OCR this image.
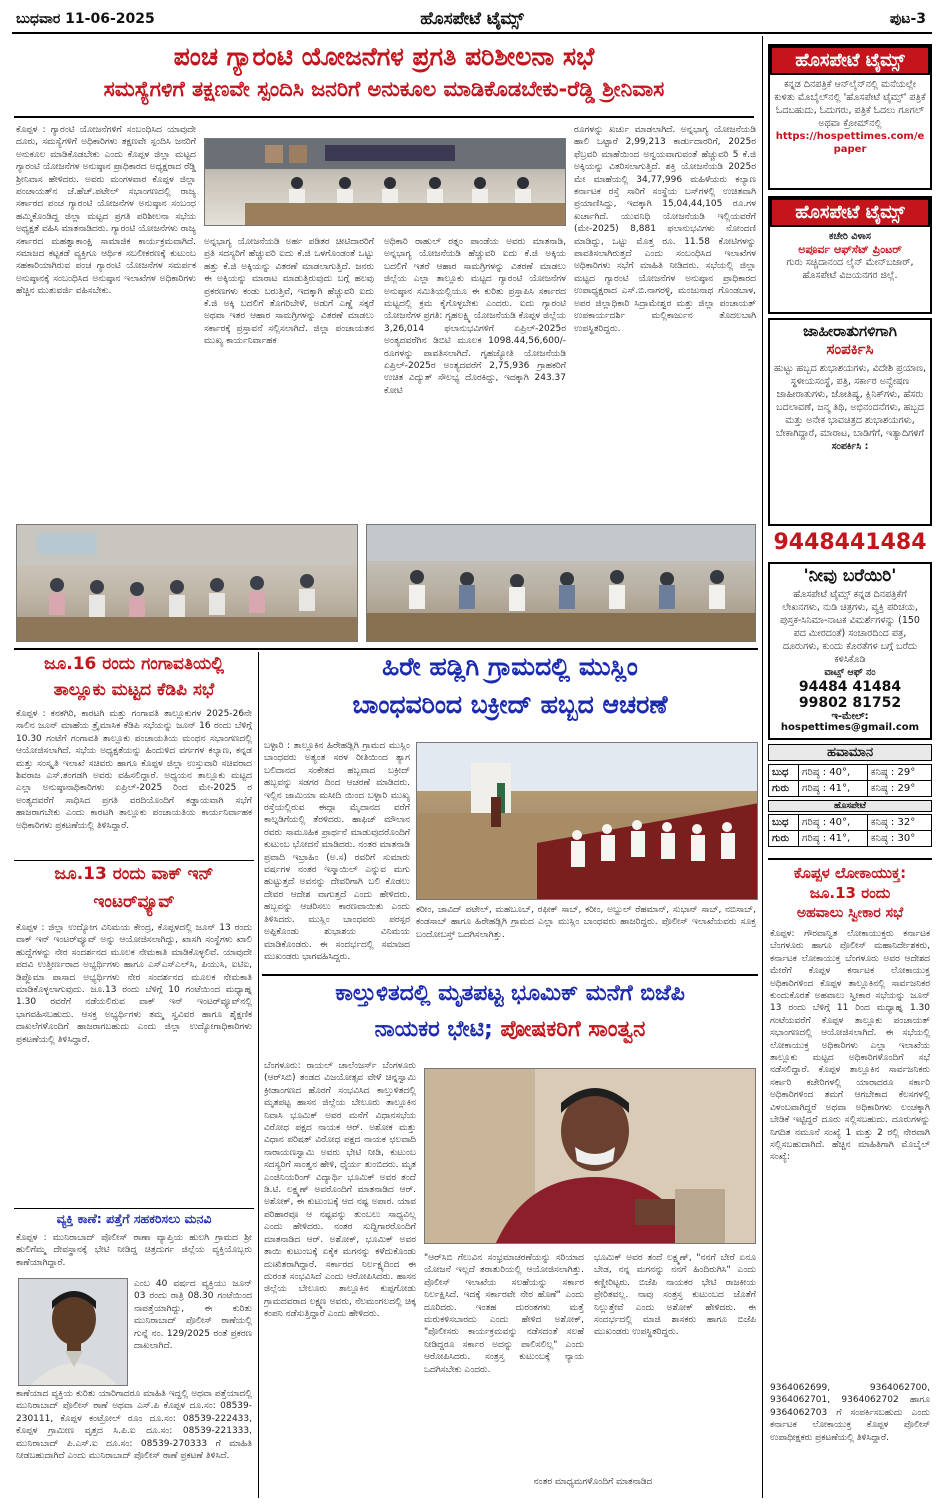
ಬುಧವಾರ 11-06-2025	ಹೊಸಪೇಟೆ ಟೈಮ್ಸ್	ಪುಟ-3
ಪಂಚ ಗ್ಯಾರಂಟಿ ಯೋಜನೆಗಳ ಪ್ರಗತಿ ಪರಿಶೀಲನಾ ಸಭೆ
ಸಮಸ್ಯೆಗಳಿಗೆ ತಕ್ಷಣವೇ ಸ್ಪಂದಿಸಿ ಜನರಿಗೆ ಅನುಕೂಲ ಮಾಡಿಕೊಡಬೇಕು-ರೆಡ್ಡಿ ಶ್ರೀನಿವಾಸ
ಕೊಪ್ಪಳ : ಗ್ಯಾರಂಟಿ ಯೋಜನೆಗಳಿಗೆ ಸಂಬಂಧಿಸಿದ ಯಾವುದೇ ದೂರು, ಸಮಸ್ಯೆಗಳಿಗೆ ಅಧಿಕಾರಿಗಳು ತಕ್ಷಣವೇ ಸ್ಪಂದಿಸಿ ಜನರಿಗೆ ಅನುಕೂಲ ಮಾಡಿಕೊಡಬೇಕು ಎಂದು ಕೊಪ್ಪಳ ಜಿಲ್ಲಾ ಮಟ್ಟದ ಗ್ಯಾರಂಟಿ ಯೋಜನೆಗಳ ಅನುಷ್ಠಾನ ಪ್ರಾಧಿಕಾರದ ಅಧ್ಯಕ್ಷರಾದ ರೆಡ್ಡಿ ಶ್ರೀನಿವಾಸ ಹೇಳಿದರು. ಅವರು ಮಂಗಳವಾರ ಕೊಪ್ಪಳ ಜಿಲ್ಲಾ ಪಂಚಾಯತ್‌ನ ಜೆ.ಹೆಚ್.ಪಟೇಲ್ ಸಭಾಂಗಣದಲ್ಲಿ ರಾಜ್ಯ ಸರ್ಕಾರದ ಪಂಚ ಗ್ಯಾರಂಟಿ ಯೋಜನೆಗಳ ಅನುಷ್ಠಾನ ಸಂಬಂಧ ಹಮ್ಮಿಕೊಂಡಿದ್ದ ಜಿಲ್ಲಾ ಮಟ್ಟದ ಪ್ರಗತಿ ಪರಿಶೀಲನಾ ಸಭೆಯ ಅಧ್ಯಕ್ಷತೆ ವಹಿಸಿ ಮಾತನಾಡಿದರು. ಗ್ಯಾರಂಟಿ ಯೋಜನೆಗಳು ರಾಜ್ಯ ಸರ್ಕಾರದ ಮಹತ್ವಾಕಾಂಕ್ಷಿ ಸಾಮಾಜಿಕ ಕಾರ್ಯಕ್ರಮವಾಗಿದೆ. ಸಮಾಜದ ಕಟ್ಟಕಡೆ ವ್ಯಕ್ತಿಗೂ ಆರ್ಥಿಕ ಸಬಲೀಕರಣಕ್ಕೆ ಕುಟುಂಬ ಸಹಕಾರಿಯಾಗಿರುವ ಪಂಚ ಗ್ಯಾರಂಟಿ ಯೋಜನೆಗಳ ಸಮರ್ಪಕ ಅನುಷ್ಠಾನಕ್ಕೆ ಸಂಬಂಧಿಸಿದ ಅನುಷ್ಠಾನ ಇಲಾಖೆಗಳ ಅಧಿಕಾರಿಗಳು ಹೆಚ್ಚಿನ ಮುತುವರ್ಜಿ ವಹಿಸಬೇಕು.
ಅನ್ನಭಾಗ್ಯ ಯೋಜನೆಯಡಿ ಅರ್ಹ ಪಡಿತರ ಚೀಟಿದಾರರಿಗೆ ಪ್ರತಿ ಸದಸ್ಯರಿಗೆ ಹೆಚ್ಚುವರಿ ಐದು ಕೆ.ಜಿ ಒಳಗೊಂಡಂತೆ ಒಟ್ಟು ಹತ್ತು ಕೆ.ಜಿ ಅಕ್ಕಿಯನ್ನು ವಿತರಣೆ ಮಾಡಲಾಗುತ್ತಿದೆ. ಜನರು ಈ ಅಕ್ಕಿಯನ್ನು ಮಾರಾಟ ಮಾಡುತ್ತಿರುವುದು ಬಗ್ಗೆ ಹಲವು ಪ್ರಕರಣಗಳು ಕಂಡು ಬರುತ್ತಿವೆ, ಇದಕ್ಕಾಗಿ ಹೆಚ್ಚುವರಿ ಐದು ಕೆ.ಜಿ ಅಕ್ಕಿ ಬದಲಿಗೆ ತೊಗರಿಬೇಳೆ, ಅಡುಗೆ ಎಣ್ಣೆ ಸಕ್ಕರೆ ಅಥವಾ ಇತರ ಆಹಾರ ಸಾಮಗ್ರಿಗಳನ್ನು ವಿತರಣೆ ಮಾಡಲು ಸರ್ಕಾರಕ್ಕೆ ಪ್ರಸ್ತಾವನೆ ಸಲ್ಲಿಸಲಾಗಿದೆ. ಜಿಲ್ಲಾ ಪಂಚಾಯತನ ಮುಖ್ಯ ಕಾರ್ಯನಿರ್ವಾಹಕ
ಅಧಿಕಾರಿ ರಾಹುಲ್ ರತ್ನಂ ಪಾಂಡೆಯ ಅವರು ಮಾತನಾಡಿ, ಅನ್ನಭಾಗ್ಯ ಯೋಜನೆಯಡಿ ಹೆಚ್ಚುವರಿ ಐದು ಕೆ.ಜಿ ಅಕ್ಕಿಯ ಬದಲಿಗೆ ಇತರೆ ಆಹಾರ ಸಾಮಗ್ರಿಗಳನ್ನು ವಿತರಣೆ ಮಾಡಲು ಜಿಲ್ಲೆಯ ಎಲ್ಲಾ ತಾಲ್ಲೂಕು ಮಟ್ಟದ ಗ್ಯಾರಂಟಿ ಯೋಜನೆಗಳ ಅನುಷ್ಠಾನ ಸಮಿತಿಯಲ್ಲಿಯೂ ಈ ಕುರಿತು ಪ್ರಸ್ತಾಪಿಸಿ ಸರ್ಕಾರದ ಮಟ್ಟದಲ್ಲಿ ಕ್ರಮ ಕೈಗೊಳ್ಳಬೇಕು ಎಂದರು. ಐದು ಗ್ಯಾರಂಟಿ ಯೋಜನೆಗಳ ಪ್ರಗತಿ: ಗೃಹಲಕ್ಷ್ಮಿ ಯೋಜನೆಯಡಿ ಕೊಪ್ಪಳ ಜಿಲ್ಲೆಯ 3,26,014 ಫಲಾನುಭವಿಗಳಿಗೆ ಏಪ್ರಿಲ್-2025ರ ಅಂತ್ಯದವರೆಗಿನ ಡಿಬಿಟಿ ಮೂಲಕ 1098.44,56,600/- ರೂಗಳನ್ನು ಪಾವತಿಸಲಾಗಿದೆ. ಗೃಹಜ್ಯೋತಿ ಯೋಜನೆಯಡಿ ಏಪ್ರಿಲ್-2025ರ ಅಂತ್ಯದವರೆಗೆ 2,75,936 ಗ್ರಾಹಕರಿಗೆ ಉಚಿತ ವಿದ್ಯುತ್ ಸೌಲಭ್ಯ ದೊರಕಿದ್ದು, ಇದಕ್ಕಾಗಿ 243.37 ಕೋಟಿ
ರೂಗಳನ್ನು ಖರ್ಚು ಮಾಡಲಾಗಿದೆ. ಅನ್ನಭಾಗ್ಯ ಯೋಜನೆಯಡಿ ಹಾಲಿ ಒಟ್ಟಾರೆ 2,99,213 ಕಾರ್ಡುದಾರರಿಗೆ, 2025ರ ಫೆಬ್ರವರಿ ಮಾಹೆಯಿಂದ ಅನ್ವಯವಾಗುವಂತೆ ಹೆಚ್ಚುವರಿ 5 ಕೆ.ಜಿ ಅಕ್ಕಿಯನ್ನು ವಿತರಿಸಲಾಗುತ್ತಿದೆ. ಶಕ್ತಿ ಯೋಜನೆಯಡಿ 2025ರ ಮೇ ಮಾಹೆಯಲ್ಲಿ 34,77,996 ಮಹಿಳೆಯರು ಕಲ್ಯಾಣ ಕರ್ನಾಟಕ ರಸ್ತೆ ಸಾರಿಗೆ ಸಂಸ್ಥೆಯ ಬಸ್‌ಗಳಲ್ಲಿ ಉಚಿತವಾಗಿ ಪ್ರಯಾಣಿಸಿದ್ದು, ಇದಕ್ಕಾಗಿ 15,04,44,105 ರೂ.ಗಳ ಖರ್ಚಾಗಿದೆ. ಯುವನಿಧಿ ಯೋಜನೆಯಡಿ ಇಲ್ಲಿಯವರೆಗೆ (ಮೇ-2025) 8,881 ಫಲಾನುಭವಿಗಳು ನೋಂದಣಿ ಮಾಡಿದ್ದು, ಒಟ್ಟು ಮೊತ್ತ ರೂ. 11.58 ಕೋಟಿಗಳನ್ನು ಪಾವತಿಸಲಾಗಿರುತ್ತದೆ ಎಂದು ಸಂಬಂಧಿಸಿದ ಇಲಾಖೆಗಳ ಅಧಿಕಾರಿಗಳು ಸಭೆಗೆ ಮಾಹಿತಿ ನೀಡಿದರು. ಸಭೆಯಲ್ಲಿ ಜಿಲ್ಲಾ ಮಟ್ಟದ ಗ್ಯಾರಂಟಿ ಯೋಜನೆಗಳ ಅನುಷ್ಠಾನ ಪ್ರಾಧಿಕಾರದ ಉಪಾಧ್ಯಕ್ಷರಾದ ಎಸ್.ಬಿ.ನಾಗರಳ್ಳಿ, ಮಂಜುನಾಥ ಗೊಂಡಬಾಳ, ಅಪರ ಜಿಲ್ಲಾಧಿಕಾರಿ ಸಿದ್ರಾಮೇಶ್ವರ ಮತ್ತು ಜಿಲ್ಲಾ ಪಂಚಾಯತ್ ಉಪಕಾರ್ಯದರ್ಶಿ ಮಲ್ಲಿಕಾರ್ಜುನ ತೊದಲಬಾಗಿ ಉಪಸ್ಥಿತರಿದ್ದರು.
ಜೂ.16 ರಂದು ಗಂಗಾವತಿಯಲ್ಲಿ
ತಾಲ್ಲೂಕು ಮಟ್ಟದ ಕೆಡಿಪಿ ಸಭೆ
ಕೊಪ್ಪಳ : ಕನಕಗಿರಿ, ಕಾರಟಗಿ ಮತ್ತು ಗಂಗಾವತಿ ತಾಲ್ಲೂಕುಗಳ 2025-26ನೇ ಸಾಲಿನ ಜೂನ್ ಮಾಹೆಯ ತ್ರೈಮಾಸಿಕ ಕೆಡಿಪಿ ಸಭೆಯನ್ನು ಜೂನ್ 16 ರಂದು ಬೆಳಿಗ್ಗೆ 10.30 ಗಂಟೆಗೆ ಗಂಗಾವತಿ ತಾಲ್ಲೂಕು ಪಂಚಾಯತಿಯ ಮಂಥನ ಸಭಾಂಗಣದಲ್ಲಿ ಆಯೋಜಿಸಲಾಗಿದೆ. ಸಭೆಯ ಅಧ್ಯಕ್ಷತೆಯನ್ನು ಹಿಂದುಳಿದ ವರ್ಗಗಳ ಕಲ್ಯಾಣ, ಕನ್ನಡ ಮತ್ತು ಸಂಸ್ಕೃತಿ ಇಲಾಖೆ ಸಚಿವರು ಹಾಗೂ ಕೊಪ್ಪಳ ಜಿಲ್ಲಾ ಉಸ್ತುವಾರಿ ಸಚಿವರಾದ ಶಿವರಾಜ ಎಸ್.ತಂಗಡಗಿ ಅವರು ವಹಿಸಲಿದ್ದಾರೆ. ಅಧ್ಯಯನ ತಾಲ್ಲೂಕು ಮಟ್ಟದ ಎಲ್ಲಾ ಅನುಷ್ಠಾನಾಧಿಕಾರಿಗಳು ಏಪ್ರಿಲ್-2025 ರಿಂದ ಮೇ-2025 ರ ಅಂತ್ಯದವರೆಗೆ ಸಾಧಿಸಿದ ಪ್ರಗತಿ ವರದಿಯೊಂದಿಗೆ ಕಡ್ಡಾಯವಾಗಿ ಸಭೆಗೆ ಹಾಜರಾಗಬೇಕು ಎಂದು ಕಾರಟಗಿ ತಾಲ್ಲೂಕು ಪಂಚಾಯತಿಯ ಕಾರ್ಯನಿರ್ವಾಹಕ ಅಧಿಕಾರಿಗಳು ಪ್ರಕಟಣೆಯಲ್ಲಿ ತಿಳಿಸಿದ್ದಾರೆ.
ಜೂ.13 ರಂದು ವಾಕ್ ಇನ್
ಇಂಟರ್‌ವ್ಯೂವ್
ಕೊಪ್ಪಳ : ಜಿಲ್ಲಾ ಉದ್ಯೋಗ ವಿನಿಮಯ ಕೇಂದ್ರ, ಕೊಪ್ಪಳದಲ್ಲಿ ಜೂನ್ 13 ರಂದು ವಾಕ್ ಇನ್ ಇಂಟರ್‌ವ್ಯೂವ್ ಅನ್ನು ಆಯೋಜಿಸಲಾಗಿದ್ದು, ಖಾಸಗಿ ಸಂಸ್ಥೆಗಳು ಖಾಲಿ ಹುದ್ದೆಗಳನ್ನು ನೇರ ಸಂದರ್ಶನದ ಮೂಲಕ ನೇಮಕಾತಿ ಮಾಡಿಕೊಳ್ಳಲಿವೆ. ಯಾವುದೇ ಪದವಿ ಉತ್ತೀರ್ಣರಾದ ಅಭ್ಯರ್ಥಿಗಳು ಹಾಗೂ ಎಸ್‌ಎಸ್‌ಎಲ್‌ಸಿ, ಪಿಯುಸಿ, ಐಟಿಐ, ಡಿಪ್ಲೊಮಾ ಪಾಸಾದ ಅಭ್ಯರ್ಥಿಗಳು ನೇರ ಸಂದರ್ಶನದ ಮೂಲಕ ನೇಮಕಾತಿ ಮಾಡಿಕೊಳ್ಳಲಾಗುವುದು. ಜೂ.13 ರಂದು ಬೆಳಿಗ್ಗೆ 10 ಗಂಟೆಯಿಂದ ಮಧ್ಯಾಹ್ನ 1.30 ರವರೆಗೆ ನಡೆಯಲಿರುವ ವಾಕ್ ಇನ್ ಇಂಟರ್‌ವ್ಯೂವ್‌ನಲ್ಲಿ ಭಾಗವಹಿಸಬಹುದು. ಆಸಕ್ತ ಅಭ್ಯರ್ಥಿಗಳು ತಮ್ಮ ಸ್ವವಿವರ ಹಾಗೂ ಶೈಕ್ಷಣಿಕ ದಾಖಲೆಗಳೊಂದಿಗೆ ಹಾಜರಾಗಬಹುದು ಎಂದು ಜಿಲ್ಲಾ ಉದ್ಯೋಗಾಧಿಕಾರಿಗಳು ಪ್ರಕಟಣೆಯಲ್ಲಿ ತಿಳಿಸಿದ್ದಾರೆ.
ವ್ಯಕ್ತಿ ಕಾಣೆ: ಪತ್ತೆಗೆ ಸಹಕರಿಸಲು ಮನವಿ
ಕೊಪ್ಪಳ : ಮುನಿರಾಬಾದ್ ಪೊಲೀಸ್ ಠಾಣಾ ವ್ಯಾಪ್ತಿಯ ಹುಲಗಿ ಗ್ರಾಮದ ಶ್ರೀ ಹುಲಿಗೆಮ್ಮ ದೇವಸ್ಥಾನಕ್ಕೆ ಭೇಟಿ ನೀಡಿದ್ದ ಚಿತ್ರದುರ್ಗ ಜಿಲ್ಲೆಯ ವ್ಯಕ್ತಿಯೊಬ್ಬರು ಕಾಣೆಯಾಗಿದ್ದಾರೆ.
ಎಂಬ 40 ವರ್ಷದ ವ್ಯಕ್ತಿಯು ಜೂನ್ 03 ರಂದು ರಾತ್ರಿ 08.30 ಗಂಟೆಯಿಂದ ನಾಪತ್ತೆಯಾಗಿದ್ದು, ಈ ಕುರಿತು ಮುನಿರಾಬಾದ್ ಪೊಲೀಸ್ ಠಾಣೆಯಲ್ಲಿ ಗುನ್ನೆ ನಂ. 129/2025 ರಂತೆ ಪ್ರಕರಣ ದಾಖಲಾಗಿದೆ.
ಕಾಣೆಯಾದ ವ್ಯಕ್ತಿಯ ಕುರಿತು ಯಾರಿಗಾದರೂ ಮಾಹಿತಿ ಇದ್ದಲ್ಲಿ ಅಥವಾ ಪತ್ತೆಯಾದಲ್ಲಿ ಮುನಿರಾಬಾದ್ ಪೊಲೀಸ್ ಠಾಣೆ ಅಥವಾ ಎಸ್.ಪಿ ಕೊಪ್ಪಳ ದೂ.ಸಂ: 08539-230111, ಕೊಪ್ಪಳ ಕಂಟ್ರೋಲ್ ರೂಂ ದೂ.ಸಂ: 08539-222433, ಕೊಪ್ಪಳ ಗ್ರಾಮೀಣ ವೃತ್ತದ ಸಿ.ಪಿ.ಐ ದೂ.ಸಂ: 08539-221333, ಮುನಿರಾಬಾದ್ ಪಿ.ಎಸ್.ಐ ದೂ.ಸಂ: 08539-270333 ಗೆ ಮಾಹಿತಿ ನೀಡಬಹುದಾಗಿದೆ ಎಂದು ಮುನಿರಾಬಾದ್ ಪೊಲೀಸ್ ಠಾಣೆ ಪ್ರಕಟಣೆ ತಿಳಿಸಿದೆ.
ಹಿರೇ ಹಡ್ಲಿಗಿ ಗ್ರಾಮದಲ್ಲಿ ಮುಸ್ಲಿಂ
ಬಾಂಧವರಿಂದ ಬಕ್ರೀದ್ ಹಬ್ಬದ ಆಚರಣೆ
ಬಳ್ಳಾರಿ : ತಾಲ್ಲೂಕಿನ ಹಿರೇಹಡ್ಲಿಗಿ ಗ್ರಾಮದ ಮುಸ್ಲಿಂ ಬಾಂಧವರು ಅತ್ಯಂತ ಸರಳ ರೀತಿಯಿಂದ ತ್ಯಾಗ ಬಲಿದಾನದ ಸಂಕೇತದ ಹಬ್ಬವಾದ ಬಕ್ರೀದ್ ಹಬ್ಬವನ್ನು ಸಡಗರ ದಿಂದ ಆಚರಣೆ ಮಾಡಿದರು. ಇಲ್ಲಿನ ಜಾಮಿಯಾ ಮಸೀದಿ ಯಿಂದ ಬಳ್ಳಾರಿ ಮುಖ್ಯ ರಸ್ತೆಯಲ್ಲಿರುವ ಈದ್ಗಾ ಮೈದಾನದ ವರೆಗೆ ಕಾಲ್ನಡಿಗೆಯಲ್ಲಿ ತೆರಳಿದರು. ಹಾಫಿಜ್ ಮೌಲಾನ ರವರು ಸಾಮೂಹಿಕ ಪ್ರಾರ್ಥನೆ ಮಾಡುವುದರೊಂದಿಗೆ ಕುಟುಂಬ ಭೋದನೆ ಮಾಡಿದರು. ನಂತರ ಮಾತನಾಡಿ ಪ್ರವಾದಿ ಇಬ್ರಾಹಿಂ (ಅ.ಸ) ರವರಿಗೆ ಸುಮಾರು ವರ್ಷಗಳ ನಂತರ ಇಸ್ಮಾಯಿಲ್ ಎನ್ನುವ ಮಗು ಹುಟ್ಟುತ್ತದೆ ಅವನನ್ನು ದೇವರಿಗಾಗಿ ಬಲಿ ಕೊಡಲು ದೇವರ ಆದೇಶ ವಾಗುತ್ತದೆ ಎಂದು ಹೇಳಿದರು. ಹಬ್ಬವನ್ನು ಆಚರಿಸಲು ಕಾರಣವಾಯಿತು ಎಂದು ತಿಳಿಸಿದರು. ಮುಸ್ಲಿಂ ಬಾಂಧವರು ಪರಸ್ಪರ ಅಪ್ಪಿಕೊಂಡು ಶುಭಾಶಯ ವಿನಿಮಯ ಮಾಡಿಕೊಂಡರು. ಈ ಸಂದರ್ಭದಲ್ಲಿ ಸಮಾಜದ ಮುಖಂಡರು ಭಾಗವಹಿಸಿದ್ದರು.
ಕರೀಂ, ಜಾವಿದ್ ಪಟೇಲ್, ಮಹಬೂಬ್, ರಫೀಕ್ ಸಾಬ್, ಕರೀಂ, ಅಬ್ದುಲ್ ರೆಹಮಾನ್, ಸುಭಾನ್ ಸಾಬ್, ನಬಿಸಾಬ್, ಕಂಡಸಾಬ್ ಹಾಗೂ ಹಿರೇಹಡ್ಲಿಗಿ ಗ್ರಾಮದ ಎಲ್ಲಾ ಮುಸ್ಲಿಂ ಬಾಂಧವರು ಹಾಜರಿದ್ದರು. ಪೊಲೀಸ್ ಇಲಾಖೆಯವರು ಸೂಕ್ತ ಬಂದೋಬಸ್ತ್ ಒದಗಿಸಲಾಗಿತ್ತು.
ಕಾಲ್ತುಳಿತದಲ್ಲಿ ಮೃತಪಟ್ಟ ಭೂಮಿಕ್ ಮನೆಗೆ ಬಿಜೆಪಿ
ನಾಯಕರ ಭೇಟಿ; ಪೋಷಕರಿಗೆ ಸಾಂತ್ವನ
ಬೆಂಗಳೂರು: ರಾಯಲ್ ಚಾಲೆಂಜರ್ಸ್ ಬೆಂಗಳೂರು (ಆರ್‌ಸಿಬಿ) ತಂಡದ ವಿಜಯೋತ್ಸವ ವೇಳೆ ಚಿನ್ನಸ್ವಾಮಿ ಕ್ರೀಡಾಂಗಣದ ಹೊರಗೆ ಸಂಭವಿಸಿದ ಕಾಲ್ತುಳಿತದಲ್ಲಿ ಮೃತಪಟ್ಟ ಹಾಸನ ಜಿಲ್ಲೆಯ ಬೇಲೂರು ತಾಲ್ಲೂಕಿನ ನಿವಾಸಿ ಭೂಮಿಕ್ ಅವರ ಮನೆಗೆ ವಿಧಾನಸಭೆಯ ವಿರೋಧ ಪಕ್ಷದ ನಾಯಕ ಆರ್. ಅಶೋಕ ಮತ್ತು ವಿಧಾನ ಪರಿಷತ್ ವಿರೋಧ ಪಕ್ಷದ ನಾಯಕ ಛಲವಾದಿ ನಾರಾಯಣಸ್ವಾಮಿ ಅವರು ಭೇಟಿ ನೀಡಿ, ಕುಟುಂಬ ಸದಸ್ಯರಿಗೆ ಸಾಂತ್ವನ ಹೇಳಿ, ಧೈರ್ಯ ತುಂಬಿದರು. ಮೃತ ಎಂಜಿನಿಯರಿಂಗ್ ವಿದ್ಯಾರ್ಥಿ ಭೂಮಿಕ್ ಅವರ ತಂದೆ ಡಿ.ಟಿ. ಲಕ್ಷ್ಮಣ್ ಅವರೊಂದಿಗೆ ಮಾತನಾಡಿದ ಆರ್. ಅಶೋಕ್, ಈ ಕುಟುಂಬಕ್ಕೆ ಆದ ನಷ್ಟ ಅಪಾರ. ಯಾವ ಪರಿಹಾರವೂ ಆ ನಷ್ಟವನ್ನು ತುಂಬಲು ಸಾಧ್ಯವಿಲ್ಲ ಎಂದು ಹೇಳಿದರು. ನಂತರ ಸುದ್ದಿಗಾರರೊಂದಿಗೆ ಮಾತನಾಡಿದ ಆರ್. ಅಶೋಕ್, ಭೂಮಿಕ್ ಅವರ ತಾಯಿ ಕುಟುಂಬಕ್ಕೆ ಏಕೈಕ ಮಗನನ್ನು ಕಳೆದುಕೊಂಡು ದುಃಖಿತರಾಗಿದ್ದಾರೆ. ಸರ್ಕಾರದ ನಿರ್ಲಕ್ಷ್ಯದಿಂದ ಈ ದುರಂತ ಸಂಭವಿಸಿದೆ ಎಂದು ಆರೋಪಿಸಿದರು. ಹಾಸನ ಜಿಲ್ಲೆಯ ಬೇಲೂರು ತಾಲ್ಲೂಕಿನ ಕುಪ್ಪಗೋಡು ಗ್ರಾಮದವರಾದ ಲಕ್ಷ್ಮಣ ಅವರು, ನೆಲಮಂಗಲದಲ್ಲಿ ಚಿಕ್ಕ ಕಂಪನಿ ನಡೆಸುತ್ತಿದ್ದಾರೆ ಎಂದು ಹೇಳಿದರು.
"ಆರ್‌ಸಿಬಿ ಗೆಲುವಿನ ಸಂಭ್ರಮಾಚರಣೆಯನ್ನು ಸರಿಯಾದ ಯೋಜನೆ ಇಲ್ಲದೆ ತರಾತುರಿಯಲ್ಲಿ ಆಯೋಜಿಸಲಾಗಿತ್ತು. ಪೊಲೀಸ್ ಇಲಾಖೆಯ ಸಲಹೆಯನ್ನು ಸರ್ಕಾರ ನಿರ್ಲಕ್ಷಿಸಿದೆ. ಇದಕ್ಕೆ ಸರ್ಕಾರವೇ ನೇರ ಹೊಣೆ" ಎಂದು ದೂರಿದರು. ಇಂತಹ ದುರಂತಗಳು ಮತ್ತೆ ಮರುಕಳಿಸಬಾರದು ಎಂದು ಹೇಳಿದ ಅಶೋಕ್, "ಪೊಲೀಸರು ಕಾರ್ಯಕ್ರಮವನ್ನು ನಡೆಸದಂತೆ ಸಲಹೆ ನೀಡಿದ್ದರೂ ಸರ್ಕಾರ ಅದನ್ನು ಪಾಲಿಸಲಿಲ್ಲ" ಎಂದು ಆರೋಪಿಸಿದರು. ಸಂತ್ರಸ್ತ ಕುಟುಂಬಕ್ಕೆ ನ್ಯಾಯ ಒದಗಿಸಬೇಕು ಎಂದರು.
ಭೂಮಿಕ್ ಅವರ ತಂದೆ ಲಕ್ಷ್ಮಣ್, "ನನಗೆ ಬೇರೆ ಏನೂ ಬೇಡ, ನನ್ನ ಮಗನನ್ನು ನನಗೆ ಹಿಂದಿರುಗಿಸಿ" ಎಂದು ಕಣ್ಣೀರಿಟ್ಟರು. ಬಿಜೆಪಿ ನಾಯಕರ ಭೇಟಿ ರಾಜಕೀಯ ಪ್ರೇರಿತವಲ್ಲ. ನಾವು ಸಂತ್ರಸ್ತ ಕುಟುಂಬದ ಜೊತೆಗೆ ನಿಲ್ಲುತ್ತೇವೆ ಎಂದು ಅಶೋಕ್ ಹೇಳಿದರು. ಈ ಸಂದರ್ಭದಲ್ಲಿ ಮಾಜಿ ಶಾಸಕರು ಹಾಗೂ ಬಿಜೆಪಿ ಮುಖಂಡರು ಉಪಸ್ಥಿತರಿದ್ದರು.
ನಂತರ ಮಾಧ್ಯಮಗಳೊಂದಿಗೆ ಮಾತನಾಡಿದ
ಹೊಸಪೇಟೆ ಟೈಮ್ಸ್
ಕನ್ನಡ ದಿನಪತ್ರಿಕೆ ಆನ್‌ಲೈನ್‌ನಲ್ಲಿ ಮನೆಯಲ್ಲೇ ಕುಳಿತು ಮೊಬೈಲ್‌ನಲ್ಲಿ 'ಹೊಸಪೇಟೆ ಟೈಮ್ಸ್' ಪತ್ರಿಕೆ ಓದಬಹುದು, ಓದುಗರು, ಪತ್ರಿಕೆ ಓದಲು ಗೂಗಲ್ ಅಥವಾ ಕ್ರೋಮ್‌ನಲ್ಲಿ
https://hospettimes.com/epaper
ಹೊಸಪೇಟೆ ಟೈಮ್ಸ್
ಕಚೇರಿ ವಿಳಾಸ
ಅಪೂರ್ವ ಆಫ್‌ಸೆಟ್ ಪ್ರಿಂಟರ್
ಗುರು ಸಚ್ಚಿದಾನಂದ ಲೈನ್ ಮೇನ್‌ಬಜಾರ್, ಹೊಸಪೇಟೆ ವಿಜಯನಗರ ಜಿಲ್ಲೆ.
ಜಾಹೀರಾತುಗಳಿಗಾಗಿ
ಸಂಪರ್ಕಿಸಿ
ಹುಟ್ಟು ಹಬ್ಬದ ಶುಭಾಶಯಗಳು, ವಿದೇಶಿ ಪ್ರಯಾಣ, ಸ್ಥಳೀಯಸಂಸ್ಥೆ, ಪತ್ರಿ, ಸರ್ಕಾರ ಅನ್ವೇಷಣ ಜಾಹೀರಾತುಗಳು, ಜೋತಿಷ್ಯ, ಕ್ಲಿನಿಕ್‌ಗಳು, ಹೆಸರು ಬದಲಾವಣೆ, ಜನ್ಮ ತಿಥಿ, ಅಭಿನಂದನೆಗಳು, ಹಬ್ಬದ ಮತ್ತು ಅನೇಕ ಭಾವಚಿತ್ರದ ಶುಭಾಶಯಗಳು, ಬೇಕಾಗಿದ್ದಾರೆ, ಮಾರಾಟ, ಬಾಡಿಗೆಗೆ, ಇತ್ಯಾದಿಗಳಿಗೆ
ಸಂಪರ್ಕಿಸಿ :
9448441484
'ನೀವು ಬರೆಯಿರಿ'
ಹೊಸಪೇಟೆ ಟೈಮ್ಸ್ ಕನ್ನಡ ದಿನಪತ್ರಿಕೆಗೆ ಲೇಖನಗಳು, ನುಡಿ ಚಿತ್ರಗಳು, ವ್ಯಕ್ತಿ ಪರಿಚಯ, ಪುಸ್ತಕ-ಸಿನಿಮಾ-ನಾಟಕ ವಿಮರ್ಶೆಗಳನ್ನು (150 ಪದ ಮೀರದಂತೆ) ಸಂಚಾರದಿಂದ ಪತ್ರ, ದೂರುಗಳು, ಕುಂದು ಕೊರತೆಗಳ ಬಗ್ಗೆ ಬರೆದು ಕಳಿಸಿಕೊಡಿ
ವಾಟ್ಸ್ ಆಫ್ ನಂ
94484 41484
99802 81752
ಇ-ಮೇಲ್: hospettimes@gmail.com
ಹವಾಮಾನ
ಬುಧ	ಗರಿಷ್ಠ : 40°,	ಕನಿಷ್ಠ : 29°
ಗುರು	ಗರಿಷ್ಠ : 41°,	ಕನಿಷ್ಠ : 29°
ಹೊಸಪೇಟೆ
ಬುಧ	ಗರಿಷ್ಠ : 40°,	ಕನಿಷ್ಠ : 32°
ಗುರು	ಗರಿಷ್ಠ : 41°,	ಕನಿಷ್ಠ : 30°
ಕೊಪ್ಪಳ ಲೋಕಾಯುಕ್ತ:
ಜೂ.13 ರಂದು
ಅಹವಾಲು ಸ್ವೀಕಾರ ಸಭೆ
ಕೊಪ್ಪಳ: ಗೌರವಾನ್ವಿತ ಲೋಕಾಯುಕ್ತರು ಕರ್ನಾಟಕ ಬೆಂಗಳೂರು ಹಾಗೂ ಪೊಲೀಸ್ ಮಹಾನಿರ್ದೇಶಕರು, ಕರ್ನಾಟಕ ಲೋಕಾಯುಕ್ತ ಬೆಂಗಳೂರು ಅವರ ಆದೇಶದ ಮೇರೆಗೆ ಕೊಪ್ಪಳ ಕರ್ನಾಟಕ ಲೋಕಾಯುಕ್ತ ಅಧಿಕಾರಿಗಳಿಂದ ಕೊಪ್ಪಳ ತಾಲ್ಲೂಕಿನಲ್ಲಿ ಸಾರ್ವಜನಿಕರ ಕುಂದುಕೊರತೆ ಅಹವಾಲು ಸ್ವೀಕಾರ ಸಭೆಯನ್ನು ಜೂನ್ 13 ರಂದು ಬೆಳಿಗ್ಗೆ 11 ರಿಂದ ಮಧ್ಯಾಹ್ನ 1.30 ಗಂಟೆಯವರೆಗೆ ಕೊಪ್ಪಳ ತಾಲ್ಲೂಕು ಪಂಚಾಯತ್ ಸಭಾಂಗಣದಲ್ಲಿ ಆಯೋಜಿಸಲಾಗಿದೆ. ಈ ಸಭೆಯಲ್ಲಿ ಲೋಕಾಯುಕ್ತ ಅಧಿಕಾರಿಗಳು ಎಲ್ಲಾ ಇಲಾಖೆಯ ತಾಲ್ಲೂಕು ಮಟ್ಟದ ಅಧಿಕಾರಿಗಳೊಂದಿಗೆ ಸಭೆ ನಡೆಸಲಿದ್ದಾರೆ. ಕೊಪ್ಪಳ ತಾಲ್ಲೂಕಿನ ಸಾರ್ವಜನಿಕರು ಸರ್ಕಾರಿ ಕಚೇರಿಗಳಲ್ಲಿ ಯಾರಾದರೂ ಸರ್ಕಾರಿ ಅಧಿಕಾರಿಗಳಿಂದ ತಮಗೆ ಆಗಬೇಕಾದ ಕೆಲಸಗಳಲ್ಲಿ ವಿಳಂಬವಾಗಿದ್ದರೆ ಅಥವಾ ಅಧಿಕಾರಿಗಳು ಲಂಚಕ್ಕಾಗಿ ಬೇಡಿಕೆ ಇಟ್ಟಿದ್ದರೆ ದೂರು ಸಲ್ಲಿಸಬಹುದು. ದೂರುಗಳನ್ನು ನಿಗದಿತ ನಮೂನೆ ಸಂಖ್ಯೆ 1 ಮತ್ತು 2 ರಲ್ಲಿ ನೇರವಾಗಿ ಸಲ್ಲಿಸಬಹುದಾಗಿದೆ. ಹೆಚ್ಚಿನ ಮಾಹಿತಿಗಾಗಿ ಮೊಬೈಲ್ ಸಂಖ್ಯೆ:
9364062699, 9364062700, 9364062701, 9364062702 ಹಾಗೂ 9364062703 ಗೆ ಸಂಪರ್ಕಿಸಬಹುದು ಎಂದು ಕರ್ನಾಟಕ ಲೋಕಾಯುಕ್ತ ಕೊಪ್ಪಳ ಪೊಲೀಸ್ ಉಪಾಧೀಕ್ಷಕರು ಪ್ರಕಟಣೆಯಲ್ಲಿ ತಿಳಿಸಿದ್ದಾರೆ.
